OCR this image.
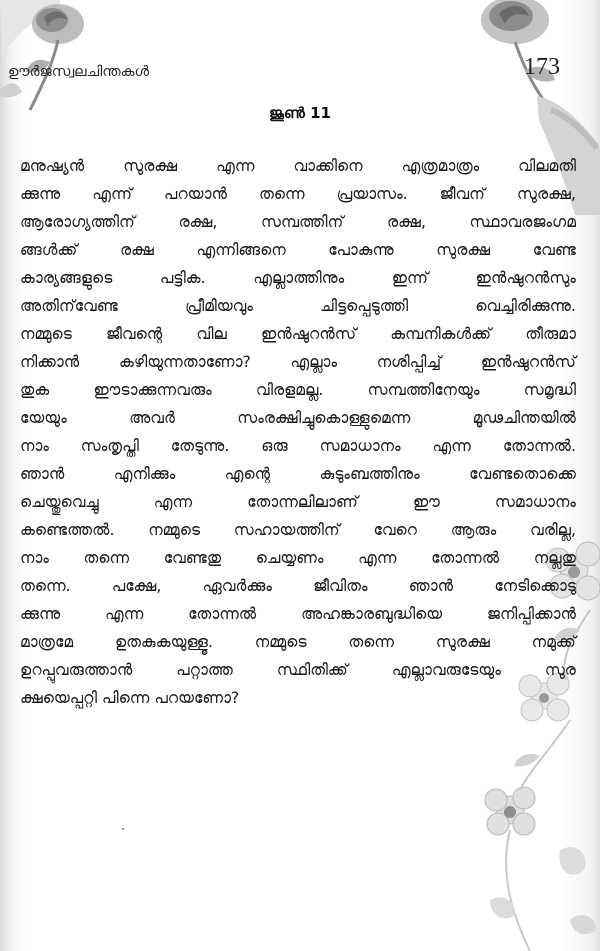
ഊർജസ്വലചിന്തകൾ	173
ജൂൺ 11
മനുഷ്യൻ സുരക്ഷ എന്ന വാക്കിനെ എത്രമാത്രം വിലമതി
ക്കുന്നു എന്ന് പറയാൻ തന്നെ പ്രയാസം. ജീവന് സുരക്ഷ,
ആരോഗ്യത്തിന്	രക്ഷ,	സമ്പത്തിന്	രക്ഷ,	സ്ഥാവരജംഗമ
ങ്ങൾക്ക്	രക്ഷ	എന്നിങ്ങനെ	പോകുന്നു	സുരക്ഷ	വേണ്ട
കാര്യങ്ങളുടെ	പട്ടിക.	എല്ലാത്തിനും	ഇന്ന്	ഇൻഷുറൻസും
അതിന്‌വേണ്ട	പ്രീമിയവും	ചിട്ടപ്പെടുത്തി	വെച്ചിരിക്കുന്നു.
നമ്മുടെ ജീവന്റെ വില ഇൻഷുറൻസ് കമ്പനികൾക്ക് തീരുമാ
നിക്കാൻ	കഴിയുന്നതാണോ?	എല്ലാം	നശിപ്പിച്ച്	ഇൻഷുറൻസ്
തുക	ഈടാക്കുന്നവരും	വിരളമല്ല.	സമ്പത്തിനേയും	സമൃദ്ധി
യേയും	അവർ	സംരക്ഷിച്ചുകൊള്ളുമെന്ന	മൂഢചിന്തയിൽ
നാം സംതൃപ്തി തേടുന്നു. ഒരു സമാധാനം എന്ന തോന്നൽ.
ഞാൻ	എനിക്കും	എന്റെ	കുടുംബത്തിനും	വേണ്ടതൊക്കെ
ചെയ്തുവെച്ചു	എന്ന	തോന്നലിലാണ്	ഈ	സമാധാനം
കണ്ടെത്തൽ. നമ്മുടെ സഹായത്തിന് വേറെ ആരും വരില്ല,
നാം തന്നെ വേണ്ടതു ചെയ്യണം എന്ന തോന്നൽ നല്ലതു
തന്നെ.	പക്ഷേ,	ഏവർക്കും	ജീവിതം	ഞാൻ	നേടിക്കൊടു
ക്കുന്നു	എന്ന	തോന്നൽ	അഹങ്കാരബുദ്ധിയെ	ജനിപ്പിക്കാൻ
മാത്രമേ	ഉതകുകയുള്ളൂ.	നമ്മുടെ	തന്നെ	സുരക്ഷ	നമുക്ക്
ഉറപ്പുവരുത്താൻ	പറ്റാത്ത	സ്ഥിതിക്ക്	എല്ലാവരുടേയും	സുര
ക്ഷയെപ്പറ്റി പിന്നെ പറയണോ?
